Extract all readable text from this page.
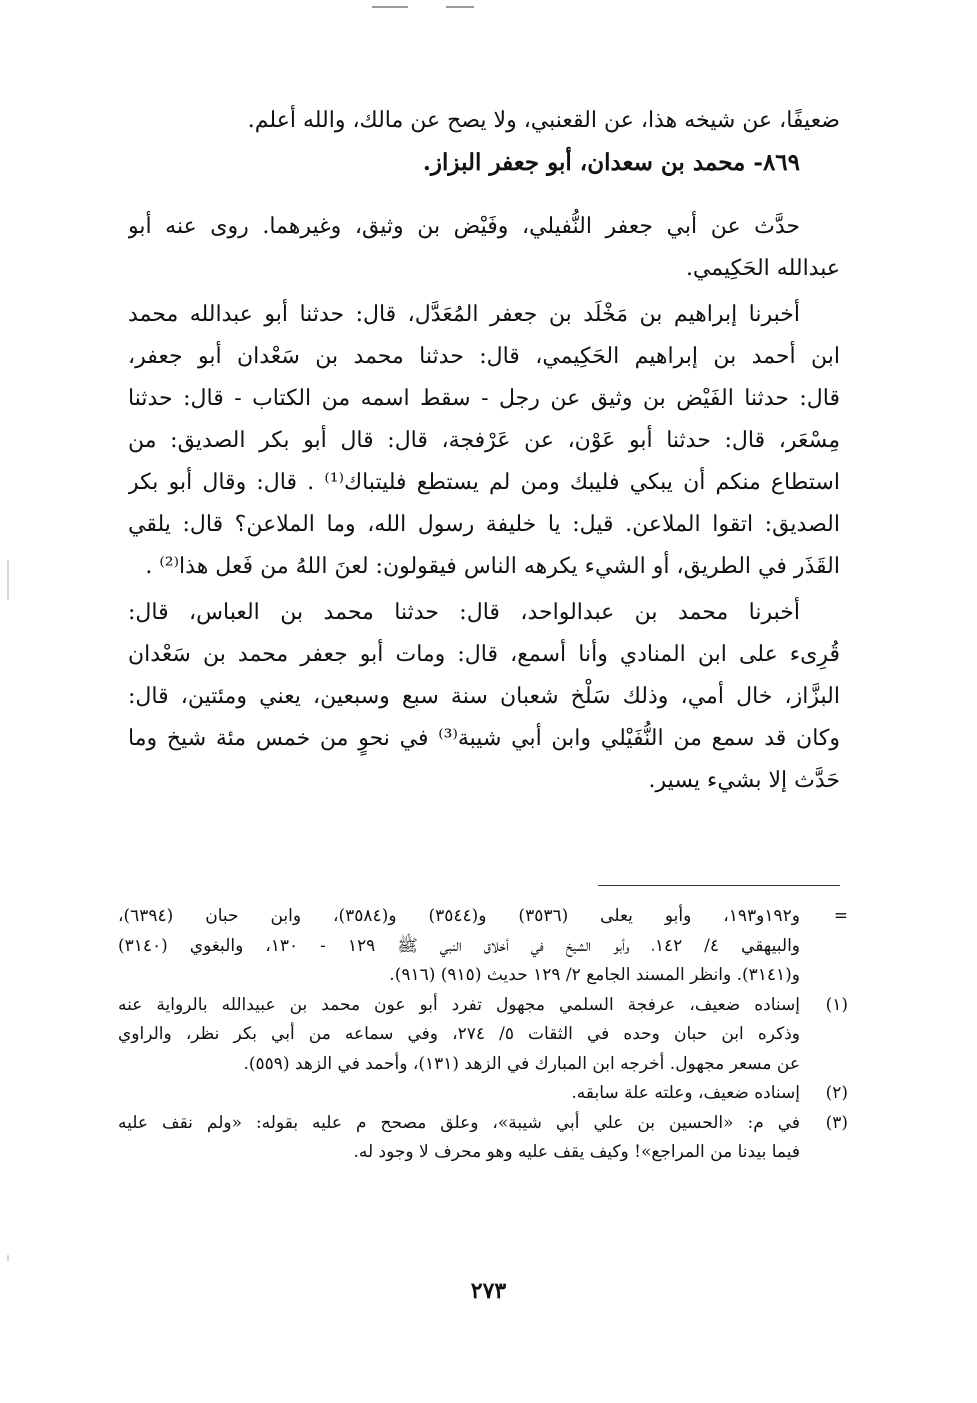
ضعيفًا، عن شيخه هذا، عن القعنبي، ولا يصح عن مالك، والله أعلم.
٨٦٩- محمد بن سعدان، أبو جعفر البزاز.
حدَّث عن أبي جعفر النُّفيلي، وفَيْض بن وثيق، وغيرهما. روى عنه أبو
عبدالله الحَكِيمي.
أخبرنا إبراهيم بن مَخْلَد بن جعفر المُعَدَّل، قال: حدثنا أبو عبدالله محمد
ابن أحمد بن إبراهيم الحَكِيمي، قال: حدثنا محمد بن سَعْدان أبو جعفر،
قال: حدثنا الفَيْض بن وثيق عن رجل - سقط اسمه من الكتاب - قال: حدثنا
مِسْعَر، قال: حدثنا أبو عَوْن، عن عَرْفجة، قال: قال أبو بكر الصديق: من
استطاع منكم أن يبكي فليبك ومن لم يستطع فليتباك⁽¹⁾ . قال: وقال أبو بكر
الصديق: اتقوا الملاعن. قيل: يا خليفة رسول الله، وما الملاعن؟ قال: يلقي
القَذَر في الطريق، أو الشيء يكرهه الناس فيقولون: لعنَ اللهُ من فَعل هذا⁽²⁾ .
أخبرنا محمد بن عبدالواحد، قال: حدثنا محمد بن العباس، قال:
قُرِىء على ابن المنادي وأنا أسمع، قال: ومات أبو جعفر محمد بن سَعْدان
البزَّاز، خال أمي، وذلك سَلْخ شعبان سنة سبع وسبعين، يعني ومئتين، قال:
وكان قد سمع من النُّفَيْلي وابن أبي شيبة⁽³⁾ في نحوٍ من خمس مئة شيخ وما
حَدَّث إلا بشيء يسير.
=
و١٩٢و١٩٣، وأبو يعلى (٣٥٣٦) و(٣٥٤٤) و(٣٥٨٤)، وابن حبان (٦٣٩٤)،
والبيهقي ٤/ ١٤٢، وأبو الشيخ في أخلاق النبي ﷺ ١٢٩ - ١٣٠، والبغوي (٣١٤٠)
و(٣١٤١). وانظر المسند الجامع ٢/ ١٢٩ حديث (٩١٥) (٩١٦).
(١)
إسناده ضعيف، عرفجة السلمي مجهول تفرد أبو عون محمد بن عبيدالله بالرواية عنه
وذكره ابن حبان وحده في الثقات ٥/ ٢٧٤، وفي سماعه من أبي بكر نظر، والراوي
عن مسعر مجهول. أخرجه ابن المبارك في الزهد (١٣١)، وأحمد في الزهد (٥٥٩).
(٢)
إسناده ضعيف، وعلته علة سابقه.
(٣)
في م: «الحسين بن علي أبي شيبة»، وعلق مصحح م عليه بقوله: «ولم نقف عليه
فيما بيدنا من المراجع»! وكيف يقف عليه وهو محرف لا وجود له.
٢٧٣
